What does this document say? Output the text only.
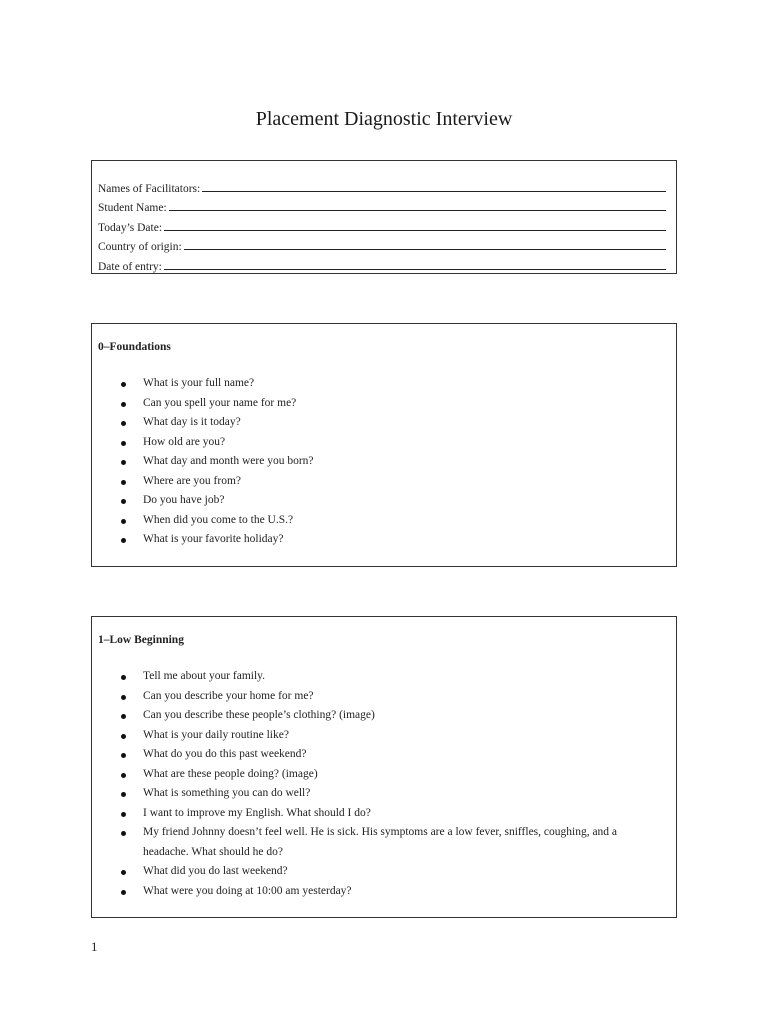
Placement Diagnostic Interview
Names of Facilitators:
Student Name:
Today’s Date:
Country of origin:
Date of entry:
0–Foundations
What is your full name?
Can you spell your name for me?
What day is it today?
How old are you?
What day and month were you born?
Where are you from?
Do you have job?
When did you come to the U.S.?
What is your favorite holiday?
1–Low Beginning
Tell me about your family.
Can you describe your home for me?
Can you describe these people’s clothing? (image)
What is your daily routine like?
What do you do this past weekend?
What are these people doing? (image)
What is something you can do well?
I want to improve my English. What should I do?
My friend Johnny doesn’t feel well. He is sick. His symptoms are a low fever, sniffles, coughing, and a headache. What should he do?
What did you do last weekend?
What were you doing at 10:00 am yesterday?
1
